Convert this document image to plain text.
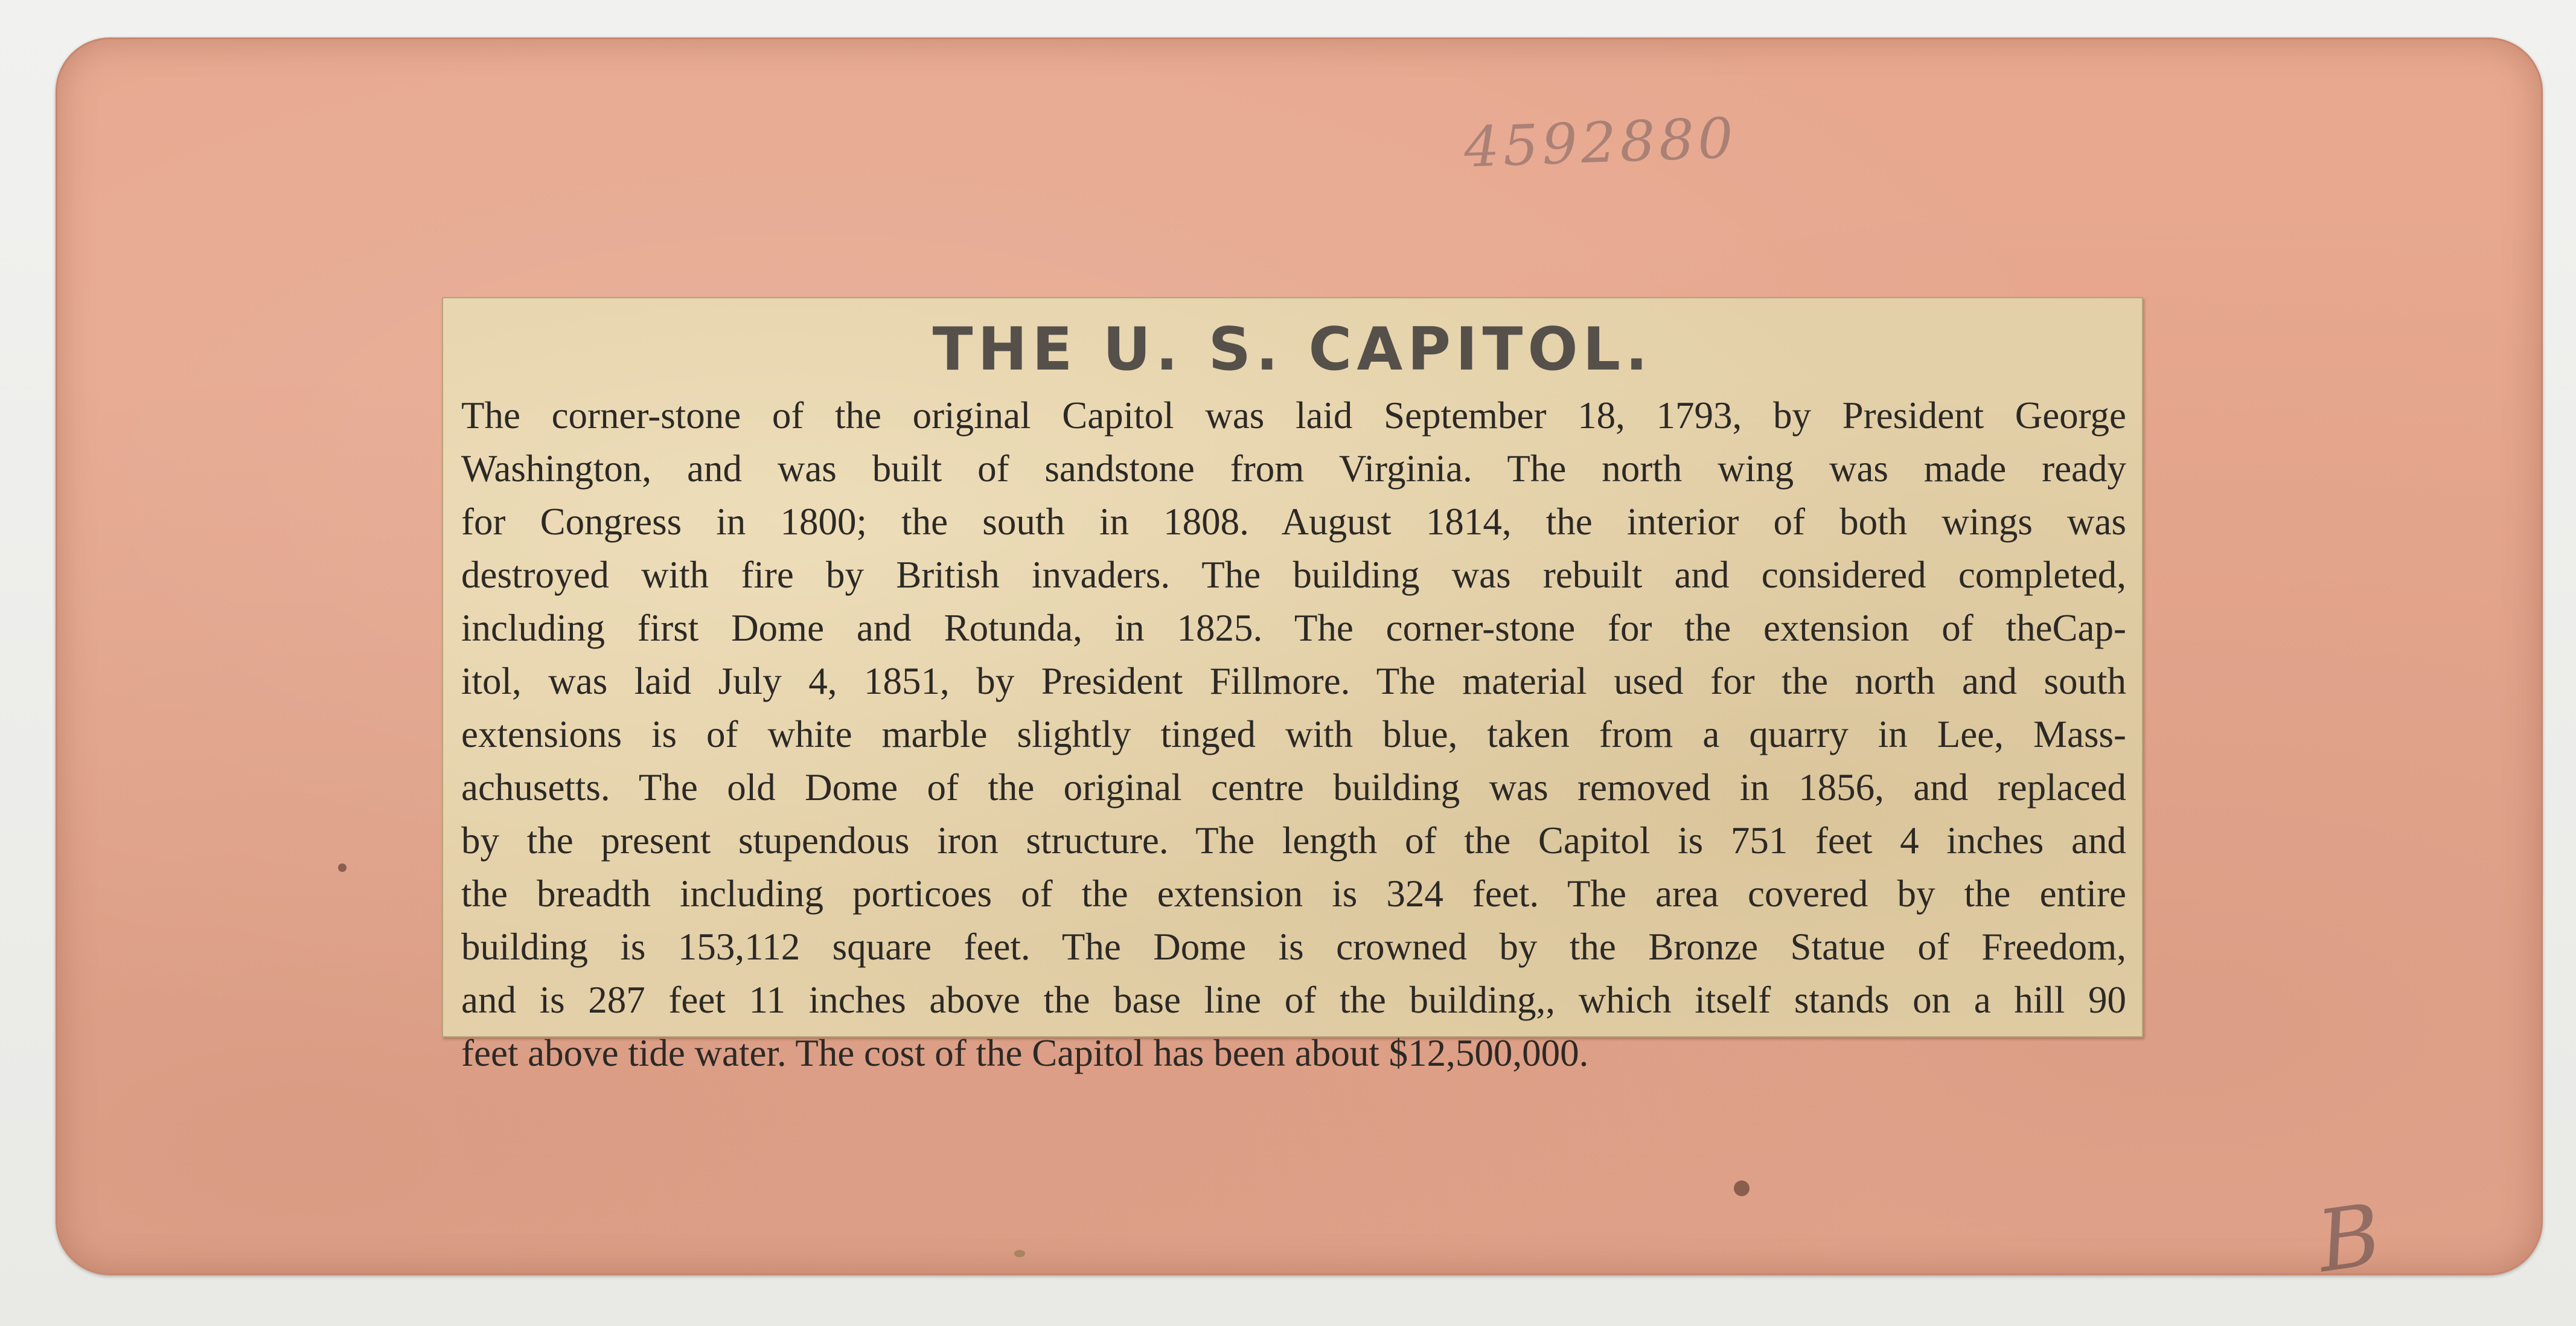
4592880
B
THE U. S. CAPITOL.
The corner-stone of the original Capitol was laid September 18, 1793, by President George
Washington, and was built of sandstone from Virginia. The north wing was made ready
for Congress in 1800; the south in 1808. August 1814, the interior of both wings was
destroyed with fire by British invaders. The building was rebuilt and considered completed,
including first Dome and Rotunda, in 1825. The corner-stone for the extension of theCap-
itol, was laid July 4, 1851, by President Fillmore. The material used for the north and south
extensions is of white marble slightly tinged with blue, taken from a quarry in Lee, Mass-
achusetts. The old Dome of the original centre building was removed in 1856, and replaced
by the present stupendous iron structure. The length of the Capitol is 751 feet 4 inches and
the breadth including porticoes of the extension is 324 feet. The area covered by the entire
building is 153,112 square feet. The Dome is crowned by the Bronze Statue of Freedom,
and is 287 feet 11 inches above the base line of the building,, which itself stands on a hill 90
feet above tide water. The cost of the Capitol has been about $12,500,000.
